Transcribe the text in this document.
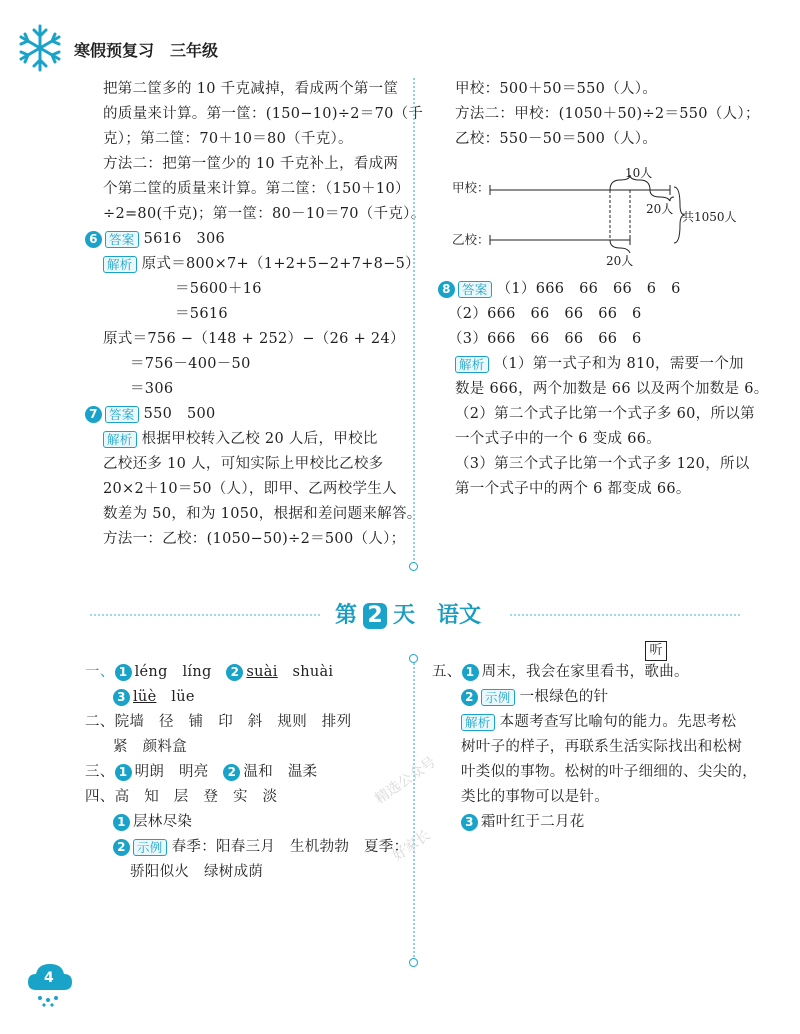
寒假预复习 三年级
把第二筐多的 10 千克减掉，看成两个第一筐
的质量来计算。第一筐：(150−10)÷2＝70（千
克）；第二筐：70＋10＝80（千克）。
方法二：把第一筐少的 10 千克补上，看成两
个第二筐的质量来计算。第二筐：（150＋10）
÷2=80(千克)；第一筐：80－10＝70（千克）。
6 答案 5616　306
解析 原式＝800×7+（1+2+5−2+7+8−5）
＝5600＋16
＝5616
原式＝756 −（148 + 252）−（26 + 24）
＝756－400－50
＝306
7 答案 550　500
解析 根据甲校转入乙校 20 人后，甲校比
乙校还多 10 人，可知实际上甲校比乙校多
20×2＋10＝50（人），即甲、乙两校学生人
数差为 50，和为 1050，根据和差问题来解答。
方法一：乙校：(1050−50)÷2＝500（人）；
甲校：500＋50＝550（人）。
方法二：甲校：(1050＋50)÷2＝550（人）；
乙校：550－50＝500（人）。
甲校：
乙校：
10人
20人
20人
共1050人
8 答案 （1）666　66　66　6　6
（2）666　66　66　66　6
（3）666　66　66　66　6
解析 （1）第一式子和为 810，需要一个加
数是 666，两个加数是 66 以及两个加数是 6。
（2）第二个式子比第一个式子多 60，所以第
一个式子中的一个 6 变成 66。
（3）第三个式子比第一个式子多 120，所以
第一个式子中的两个 6 都变成 66。
第 2 天　语文
一、 1 léng　 líng　 2 suài　 shuài
3 lüè　 lüe
二、院墙　径　铺　印　斜　规则　排列
紧　颜料盒
三、 1 明朗　明亮　 2 温和　温柔
四、高　知　层　登　实　淡
1 层林尽染
2 示例 春季：阳春三月　生机勃勃　夏季：
骄阳似火　绿树成荫
五、 1 周末，我会在家里看书，歌曲。
听
2 示例 一根绿色的针
解析 本题考查写比喻句的能力。先思考松
树叶子的样子，再联系生活实际找出和松树
叶类似的事物。松树的叶子细细的、尖尖的，
类比的事物可以是针。
3 霜叶红于二月花
精选公众号
好家长
4
